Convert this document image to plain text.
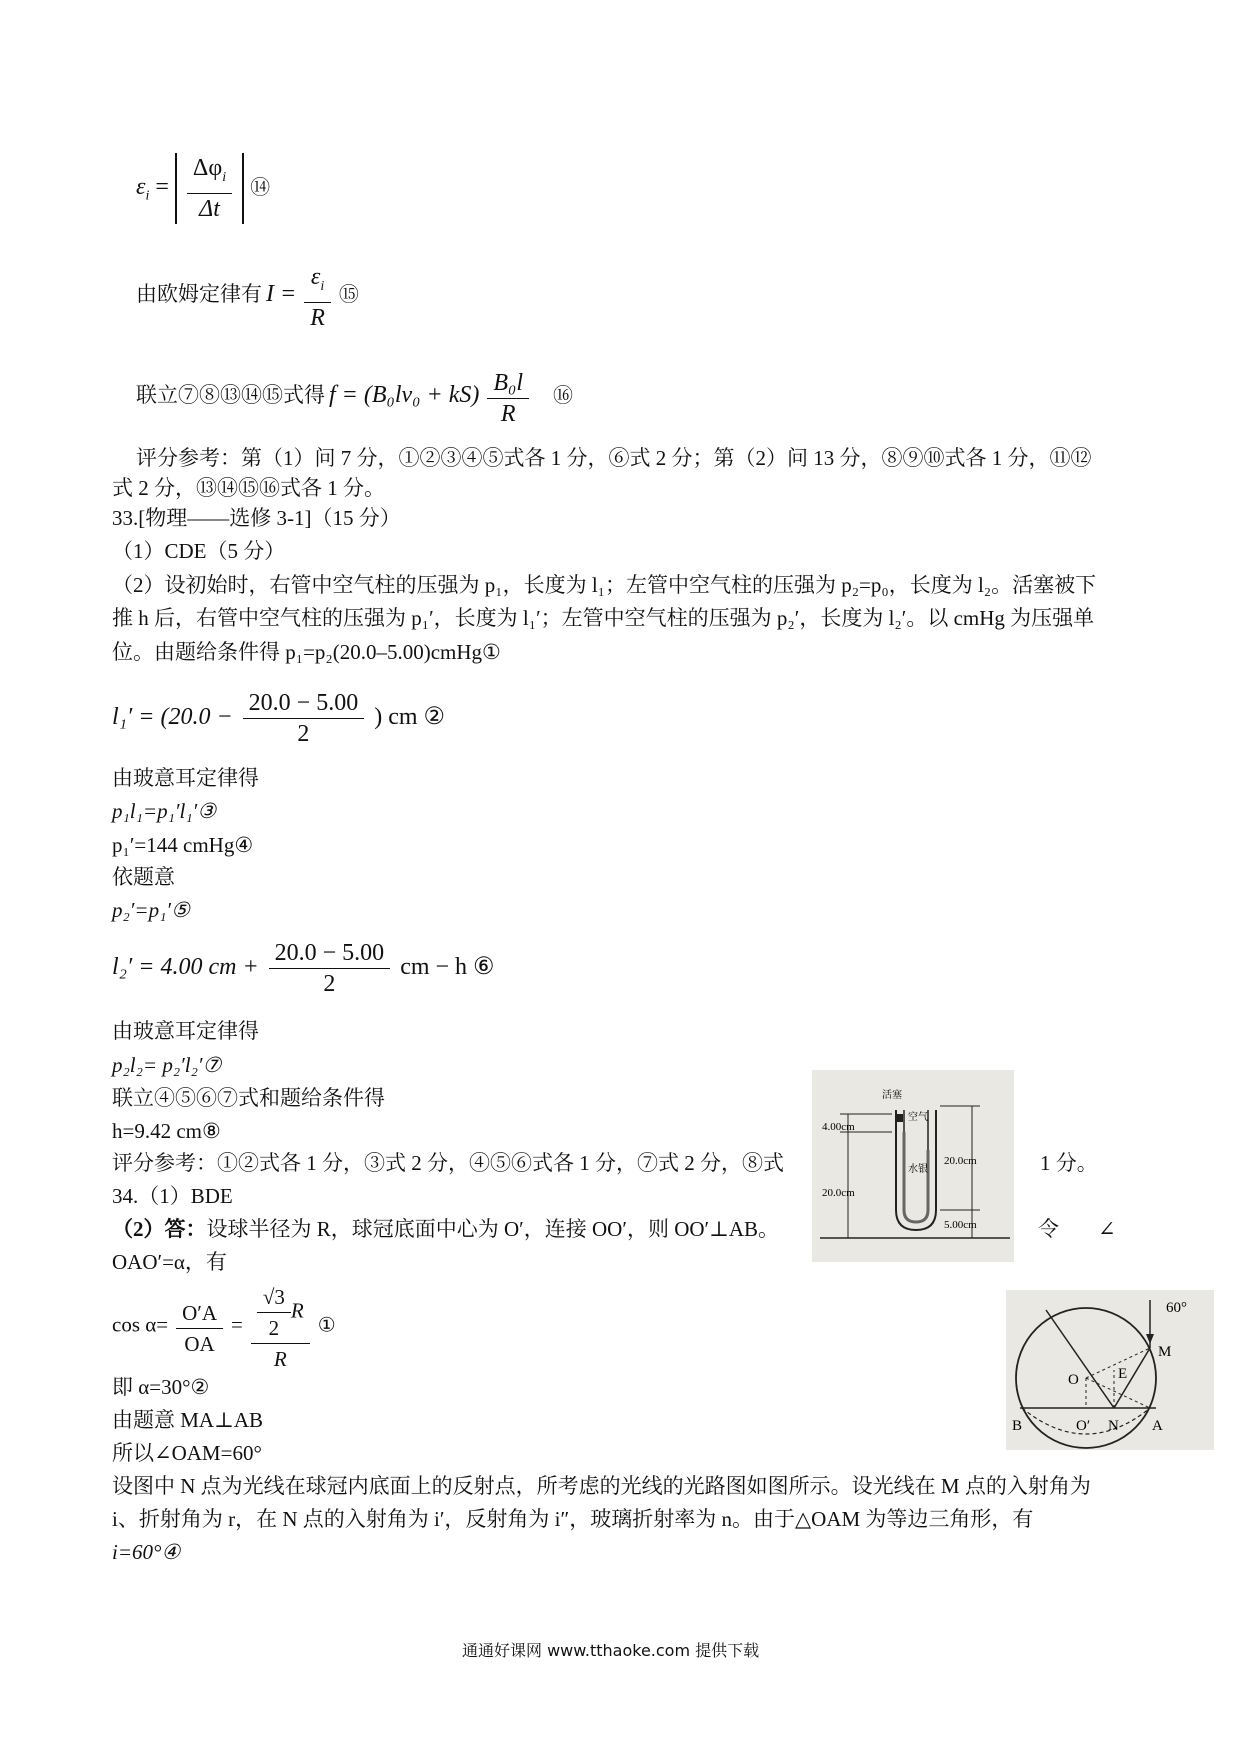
$\varepsilon_i = \frac{\Delta\varphi_i}{\Delta t}$ ⑭
由欧姆定律有 $I = \frac{\varepsilon_i}{R}$ ⑮
联立⑦⑧⑬⑭⑮式得 $f = (B_0lv_0 + kS) \frac{\text{B₀l}}{R}$ ⑯
评分参考：第（1）问 7 分，①②③④⑤式各 1 分，⑥式 2 分；第（2）问 13 分，⑧⑨⑩式各 1 分，⑪⑫
式 2 分，⑬⑭⑮⑯式各 1 分。
33.[物理——选修 3-1]（15 分）
（1）CDE（5 分）
（2）设初始时，右管中空气柱的压强为 p₁，长度为 l₁；左管中空气柱的压强为 p₂=p₀，长度为 l₂。活塞被下
推 h 后，右管中空气柱的压强为 p₁′，长度为 l₁′；左管中空气柱的压强为 p₂′，长度为 l₂′。以 cmHg 为压强单
位。由题给条件得 p₁=p₂(20.0–5.00)cmHg①
$l_1' = (20.0 - \frac{20.0 - 5.00}{2}$ ) cm ②
由玻意耳定律得
p₁l₁=p₁′l₁′③
p₁′=144 cmHg④
依题意
p₂′=p₁′⑤
l₂′ = 4.00 cm + $\frac{20.0 - 5.00}{2}$ cm − h ⑥
由玻意耳定律得
p₂l₂= p₂′l₂′⑦
联立④⑤⑥⑦式和题给条件得
h=9.42 cm⑧
评分参考：①②式各 1 分，③式 2 分，④⑤⑥式各 1 分，⑦式 2 分，⑧式	1 分。
活塞
空气
水银
4.00cm
20.0cm
20.0cm
5.00cm
34.（1）BDE
（2）答：设球半径为 R，球冠底面中心为 O′，连接 OO′，则 OO′⊥AB。	令 ∠
OAO′=α，有
$\cos \alpha= \frac{O'A}{OA} = \frac{\frac{√3}{2} R}{R}$ ①
即 α=30°②
由题意 MA⊥AB
所以∠OAM=60°
设图中 N 点为光线在球冠内底面上的反射点，所考虑的光线的光路图如图所示。设光线在 M 点的入射角为
i、折射角为 r，在 N 点的入射角为 i′，反射角为 i″，玻璃折射率为 n。由于△OAM 为等边三角形，有
i=60°④
60°
M
O	E
B	O′ N A
通通好课网 www.tthaoke.com 提供下载
